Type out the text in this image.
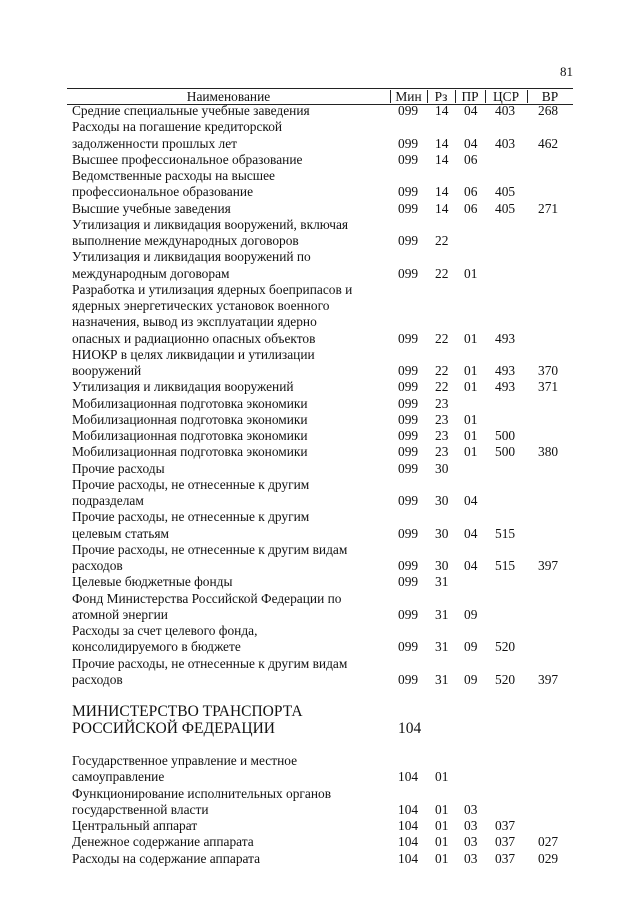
81
Наименование	Мин Рз	ПР	ЦСР	ВР
Средние специальные учебные заведения	099 14 04 403 268
Расходы на погашение кредиторской
задолженности прошлых лет	099 14 04 403 462
Высшее профессиональное образование	099 14 06
Ведомственные расходы на высшее
профессиональное образование	099 14 06 405
Высшие учебные заведения	099 14 06 405 271
Утилизация и ликвидация вооружений, включая
выполнение международных договоров	099 22
Утилизация и ликвидация вооружений по
международным договорам	099 22 01
Разработка и утилизация ядерных боеприпасов и
ядерных энергетических установок военного
назначения, вывод из эксплуатации ядерно
опасных и радиационно опасных объектов	099 22 01 493
НИОКР в целях ликвидации и утилизации
вооружений	099 22 01 493 370
Утилизация и ликвидация вооружений	099 22 01 493 371
Мобилизационная подготовка экономики	099 23
Мобилизационная подготовка экономики	099 23 01
Мобилизационная подготовка экономики	099 23 01 500
Мобилизационная подготовка экономики	099 23 01 500 380
Прочие расходы	099 30
Прочие расходы, не отнесенные к другим
подразделам	099 30 04
Прочие расходы, не отнесенные к другим
целевым статьям	099 30 04 515
Прочие расходы, не отнесенные к другим видам
расходов	099 30 04 515 397
Целевые бюджетные фонды	099 31
Фонд Министерства Российской Федерации по
атомной энергии	099 31 09
Расходы за счет целевого фонда,
консолидируемого в бюджете	099 31 09 520
Прочие расходы, не отнесенные к другим видам
расходов	099 31 09 520 397
МИНИСТЕРСТВО ТРАНСПОРТА
РОССИЙСКОЙ ФЕДЕРАЦИИ	104
Государственное управление и местное
самоуправление	104 01
Функционирование исполнительных органов
государственной власти	104 01 03
Центральный аппарат	104 01 03 037
Денежное содержание аппарата	104 01 03 037 027
Расходы на содержание аппарата	104 01 03 037 029
